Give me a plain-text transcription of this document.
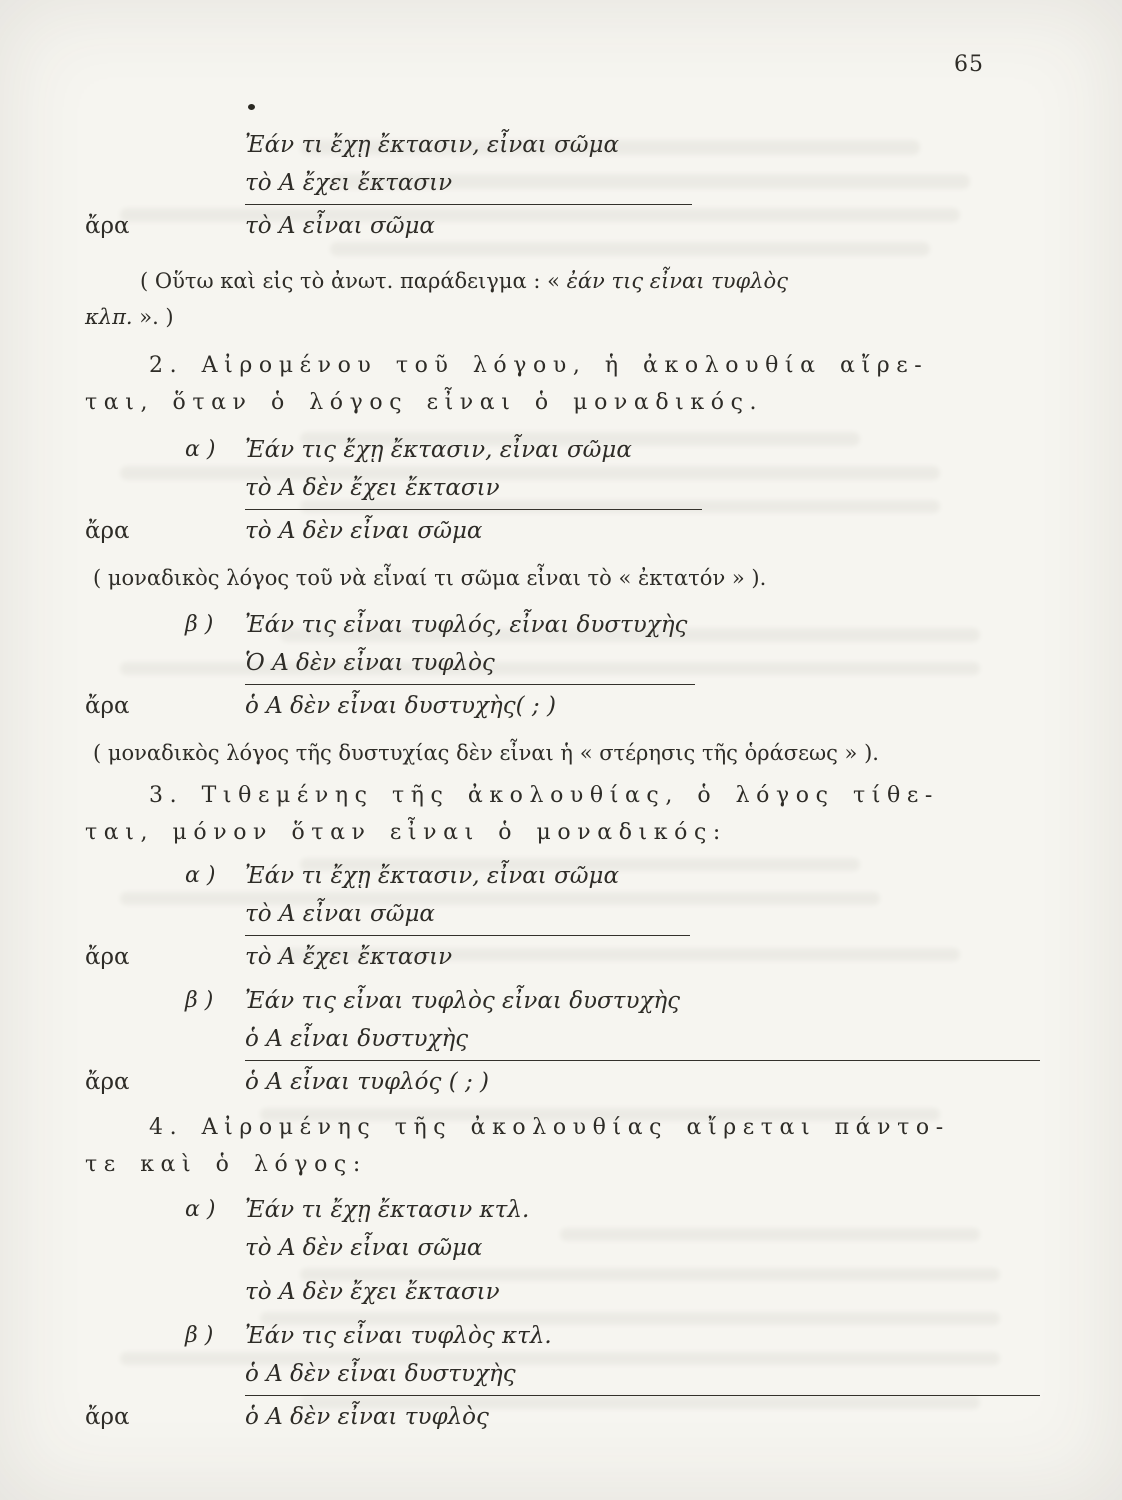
65

Ἐάν τι ἔχῃ ἔκτασιν, εἶναι σῶμα

τὸ Α ἔχει ἔκτασιν

ἄρα	τὸ Α εἶναι σῶμα

( Οὕτω καὶ εἰς τὸ ἀνωτ. παράδειγμα : « ἐάν τις εἶναι τυφλὸς
κλπ. ». )

2. Αἰρομένου τοῦ λόγου, ἡ ἀκολουθία αἴρε-
ται, ὅταν ὁ λόγος εἶναι ὁ μοναδικός.

α ) Ἐάν τις ἔχῃ ἔκτασιν, εἶναι σῶμα

τὸ Α δὲν ἔχει ἔκτασιν

ἄρα	τὸ Α δὲν εἶναι σῶμα

( μοναδικὸς λόγος τοῦ νὰ εἶναί τι σῶμα εἶναι τὸ « ἐκτατόν » ).

β ) Ἐάν τις εἶναι τυφλός, εἶναι δυστυχὴς

Ὁ Α δὲν εἶναι τυφλὸς

ἄρα	ὁ Α δὲν εἶναι δυστυχὴς( ; )

( μοναδικὸς λόγος τῆς δυστυχίας δὲν εἶναι ἡ « στέρησις τῆς ὁράσεως » ).

3. Τιθεμένης τῆς ἀκολουθίας, ὁ λόγος τίθε-
ται, μόνον ὅταν εἶναι ὁ μοναδικός:

α ) Ἐάν τι ἔχῃ ἔκτασιν, εἶναι σῶμα

τὸ Α εἶναι σῶμα

ἄρα	τὸ Α ἔχει ἔκτασιν

β ) Ἐάν τις εἶναι τυφλὸς εἶναι δυστυχὴς

ὁ Α εἶναι δυστυχὴς

ἄρα	ὁ Α εἶναι τυφλός ( ; )

4. Αἰρομένης τῆς ἀκολουθίας αἴρεται πάντο-
τε καὶ ὁ λόγος:

α ) Ἐάν τι ἔχῃ ἔκτασιν κτλ.

τὸ Α δὲν εἶναι σῶμα

τὸ Α δὲν ἔχει ἔκτασιν

β ) Ἐάν τις εἶναι τυφλὸς κτλ.

ὁ Α δὲν εἶναι δυστυχὴς

ἄρα	ὁ Α δὲν εἶναι τυφλὸς
